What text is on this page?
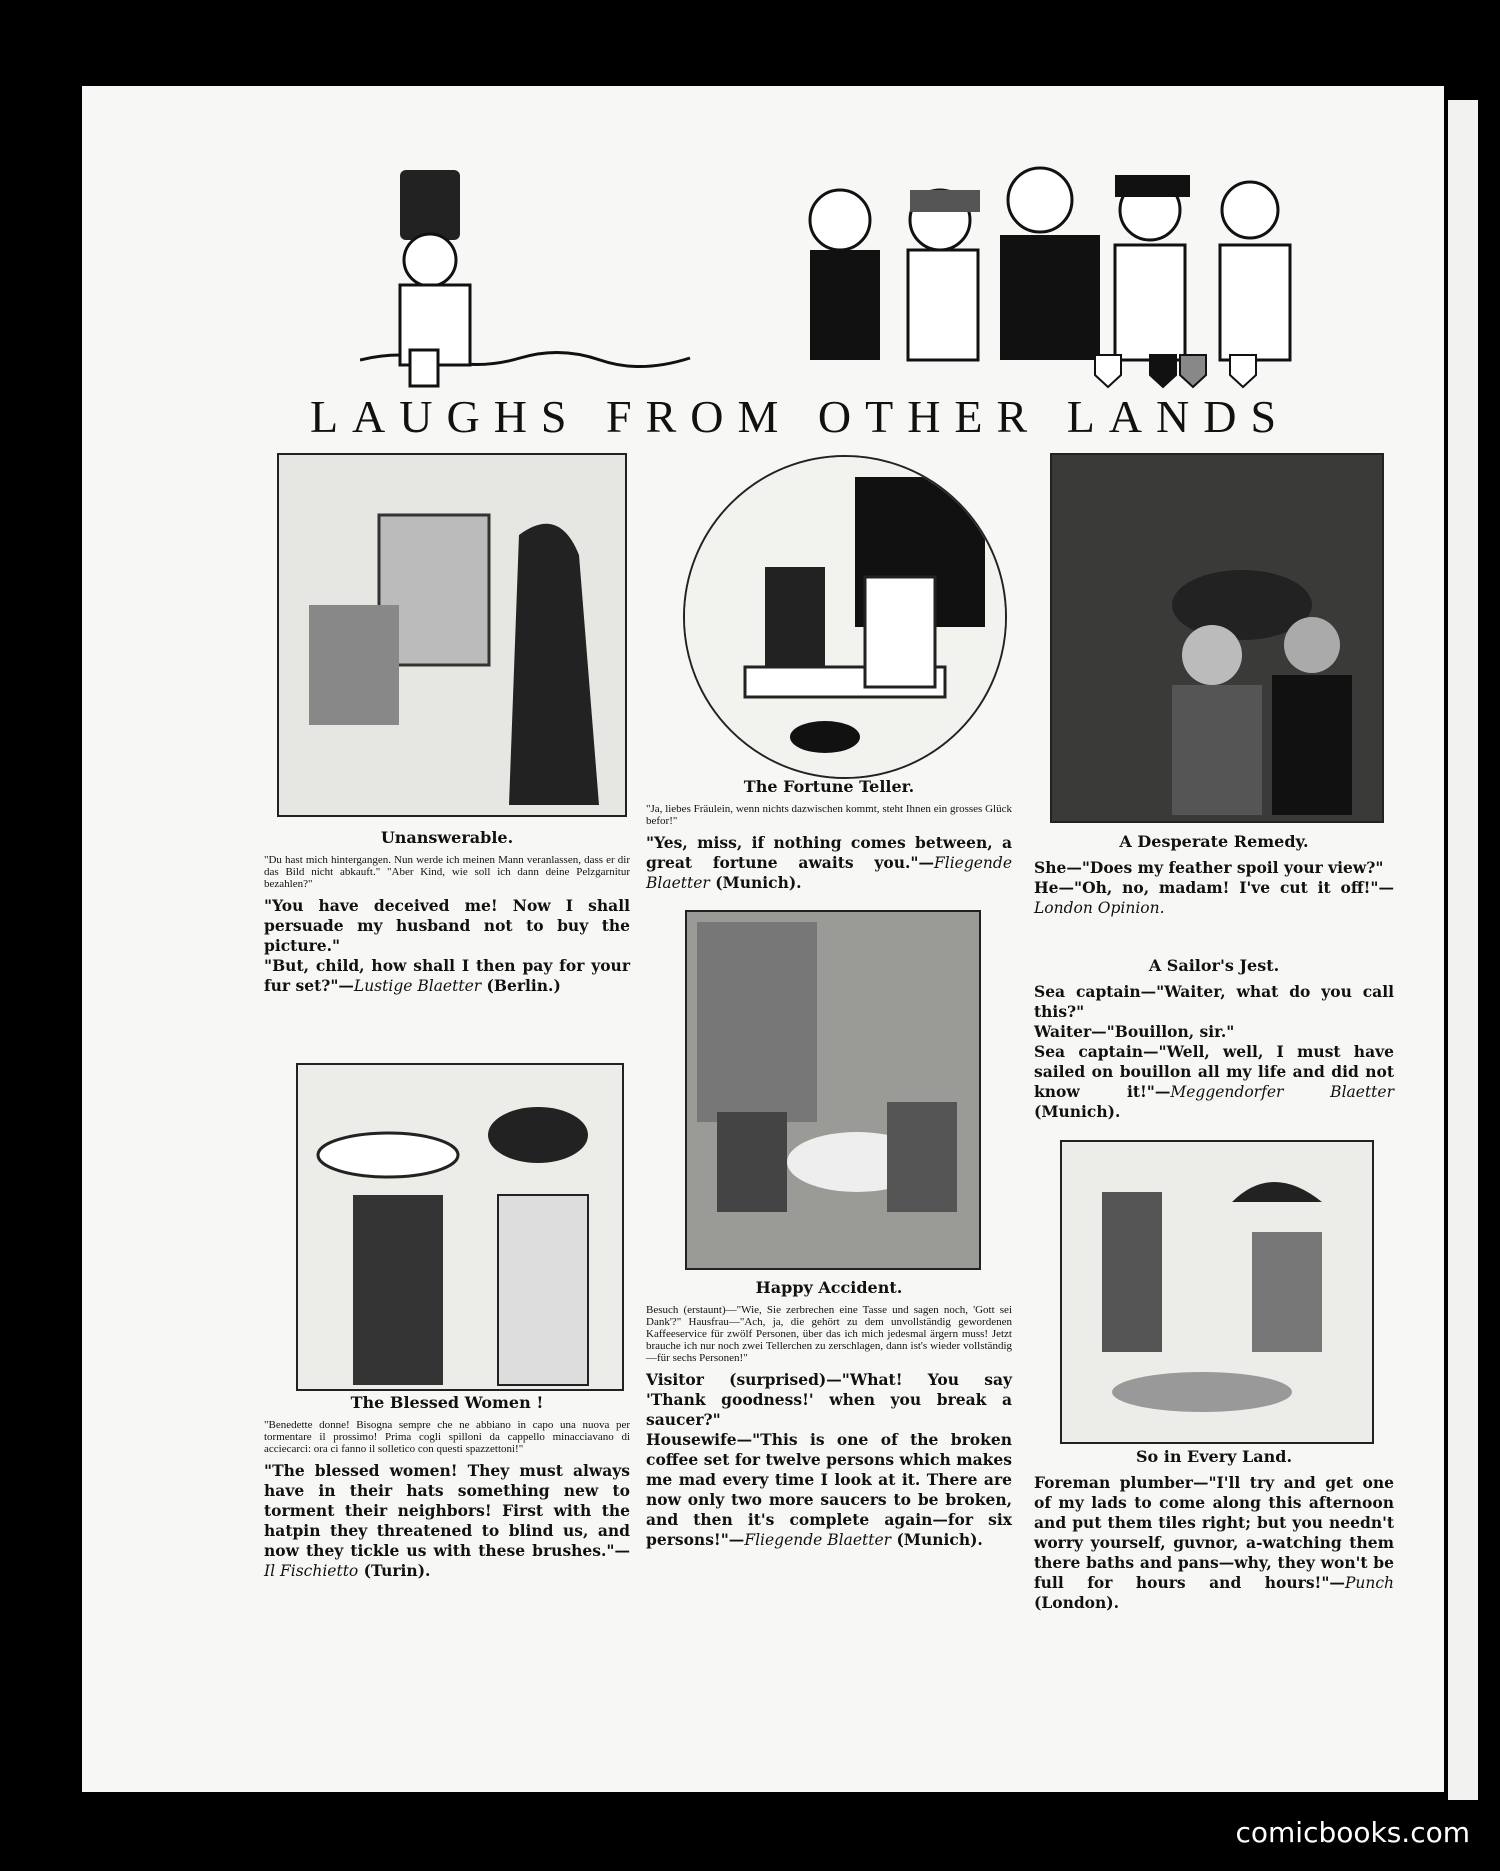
LAUGHS FROM OTHER LANDS
Unanswerable.

"Du hast mich hintergangen. Nun werde ich meinen Mann veranlassen, dass er dir das Bild nicht abkauft." "Aber Kind, wie soll ich dann deine Pelzgarnitur bezahlen?"

"You have deceived me! Now I shall persuade my husband not to buy the picture."

"But, child, how shall I then pay for your fur set?"—Lustige Blaetter (Berlin.)

The Blessed Women !

"Benedette donne! Bisogna sempre che ne abbiano in capo una nuova per tormentare il prossimo! Prima cogli spilloni da cappello minacciavano di acciecarci: ora ci fanno il solletico con questi spazzettoni!"

"The blessed women! They must always have in their hats something new to torment their neighbors! First with the hatpin they threatened to blind us, and now they tickle us with these brushes."—Il Fischietto (Turin).

The Fortune Teller.

"Ja, liebes Fräulein, wenn nichts dazwischen kommt, steht Ihnen ein grosses Glück befor!"

"Yes, miss, if nothing comes between, a great fortune awaits you."—Fliegende Blaetter (Munich).

Happy Accident.

Besuch (erstaunt)—"Wie, Sie zerbrechen eine Tasse und sagen noch, 'Gott sei Dank'?" Hausfrau—"Ach, ja, die gehört zu dem unvollständig gewordenen Kaffeeservice für zwölf Personen, über das ich mich jedesmal ärgern muss! Jetzt brauche ich nur noch zwei Tellerchen zu zerschlagen, dann ist's wieder vollständig—für sechs Personen!"

Visitor (surprised)—"What! You say 'Thank goodness!' when you break a saucer?"

Housewife—"This is one of the broken coffee set for twelve persons which makes me mad every time I look at it. There are now only two more saucers to be broken, and then it's complete again—for six persons!"—Fliegende Blaetter (Munich).

A Desperate Remedy.

She—"Does my feather spoil your view?"

He—"Oh, no, madam! I've cut it off!"—London Opinion.

A Sailor's Jest.

Sea captain—"Waiter, what do you call this?"

Waiter—"Bouillon, sir."

Sea captain—"Well, well, I must have sailed on bouillon all my life and did not know it!"—Meggendorfer Blaetter (Munich).

So in Every Land.

Foreman plumber—"I'll try and get one of my lads to come along this afternoon and put them tiles right; but you needn't worry yourself, guvnor, a-watching them there baths and pans—why, they won't be full for hours and hours!"—Punch (London).

comicbooks.com
